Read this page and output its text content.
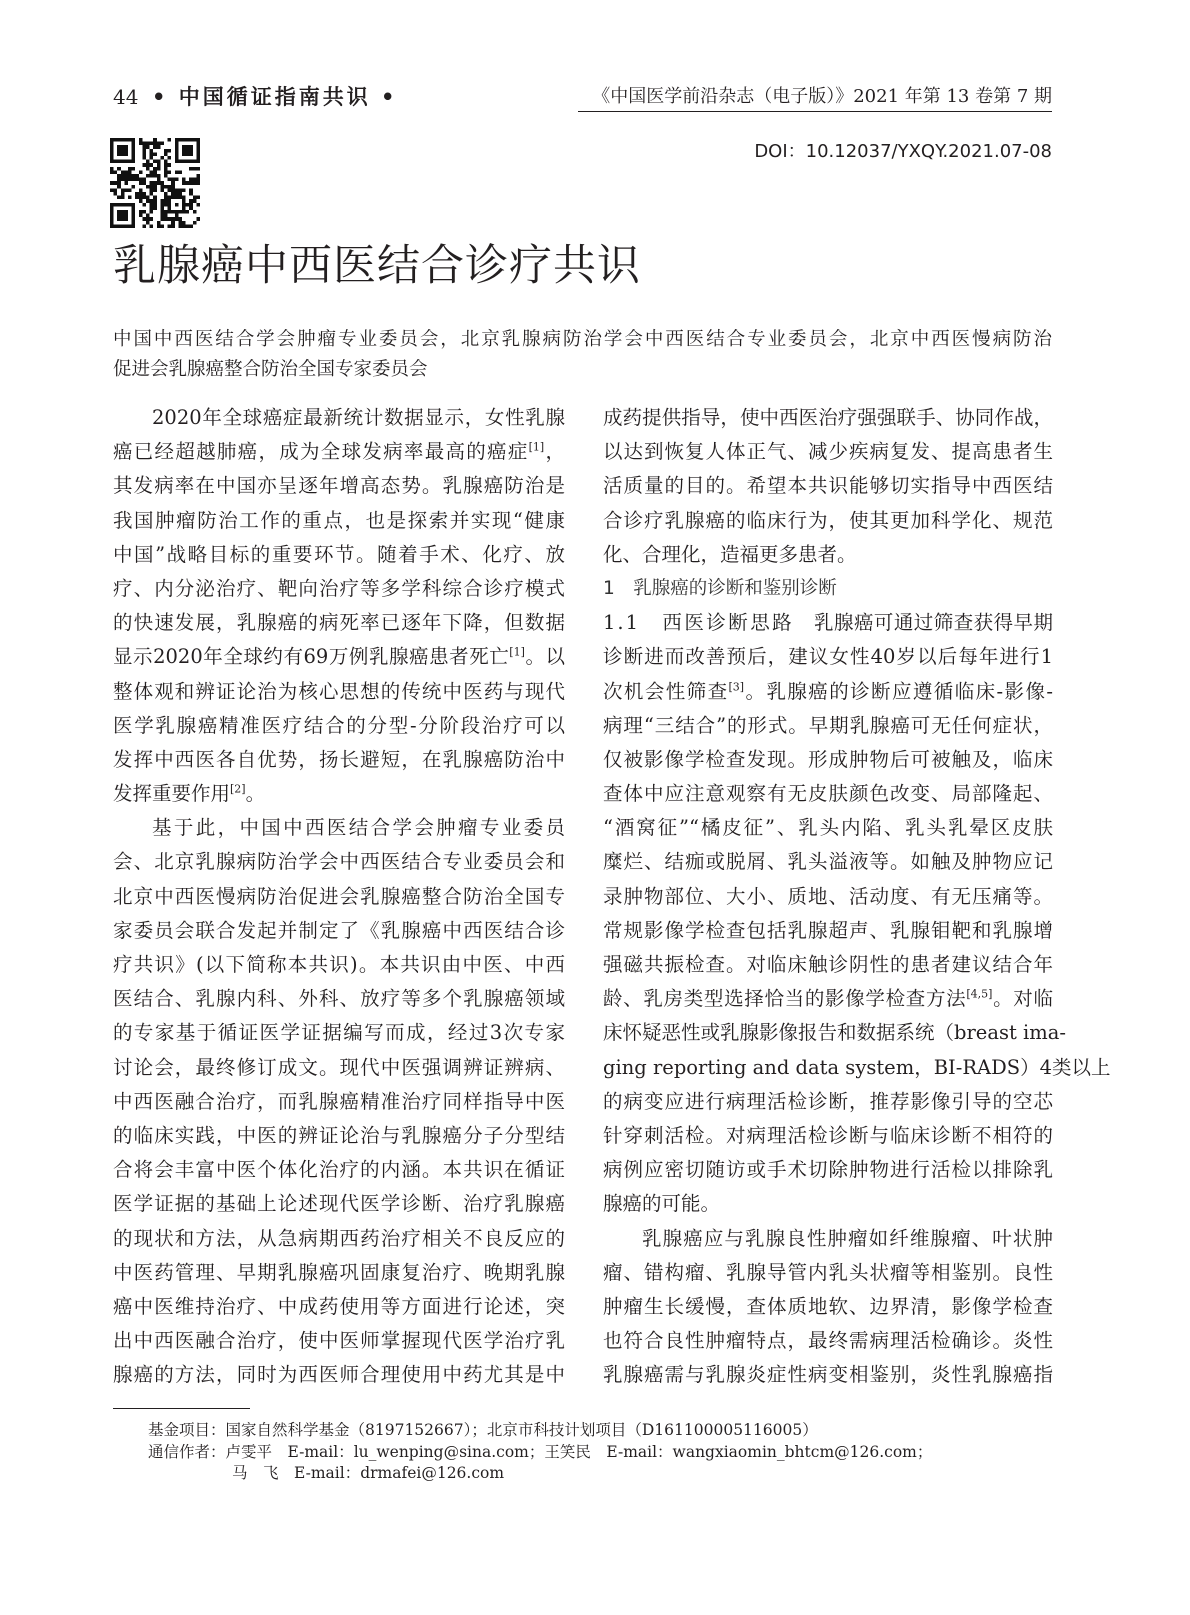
44 • 中国循证指南共识 •	《中国医学前沿杂志（电子版）》2021 年第 13 卷第 7 期
DOI：10.12037/YXQY.2021.07-08
乳腺癌中西医结合诊疗共识
中国中西医结合学会肿瘤专业委员会，北京乳腺病防治学会中西医结合专业委员会，北京中西医慢病防治
促进会乳腺癌整合防治全国专家委员会
2020年全球癌症最新统计数据显示，女性乳腺
癌已经超越肺癌，成为全球发病率最高的癌症[1]，
其发病率在中国亦呈逐年增高态势。乳腺癌防治是
我国肿瘤防治工作的重点，也是探索并实现“健康
中国”战略目标的重要环节。随着手术、化疗、放
疗、内分泌治疗、靶向治疗等多学科综合诊疗模式
的快速发展，乳腺癌的病死率已逐年下降，但数据
显示2020年全球约有69万例乳腺癌患者死亡[1]。以
整体观和辨证论治为核心思想的传统中医药与现代
医学乳腺癌精准医疗结合的分型-分阶段治疗可以
发挥中西医各自优势，扬长避短，在乳腺癌防治中
发挥重要作用[2]。
基于此，中国中西医结合学会肿瘤专业委员
会、北京乳腺病防治学会中西医结合专业委员会和
北京中西医慢病防治促进会乳腺癌整合防治全国专
家委员会联合发起并制定了《乳腺癌中西医结合诊
疗共识》(以下简称本共识)。本共识由中医、中西
医结合、乳腺内科、外科、放疗等多个乳腺癌领域
的专家基于循证医学证据编写而成，经过3次专家
讨论会，最终修订成文。现代中医强调辨证辨病、
中西医融合治疗，而乳腺癌精准治疗同样指导中医
的临床实践，中医的辨证论治与乳腺癌分子分型结
合将会丰富中医个体化治疗的内涵。本共识在循证
医学证据的基础上论述现代医学诊断、治疗乳腺癌
的现状和方法，从急病期西药治疗相关不良反应的
中医药管理、早期乳腺癌巩固康复治疗、晚期乳腺
癌中医维持治疗、中成药使用等方面进行论述，突
出中西医融合治疗，使中医师掌握现代医学治疗乳
腺癌的方法，同时为西医师合理使用中药尤其是中
成药提供指导，使中西医治疗强强联手、协同作战，
以达到恢复人体正气、减少疾病复发、提高患者生
活质量的目的。希望本共识能够切实指导中西医结
合诊疗乳腺癌的临床行为，使其更加科学化、规范
化、合理化，造福更多患者。
1　乳腺癌的诊断和鉴别诊断
1.1　西医诊断思路　乳腺癌可通过筛查获得早期
诊断进而改善预后，建议女性40岁以后每年进行1
次机会性筛查[3]。乳腺癌的诊断应遵循临床-影像-
病理“三结合”的形式。早期乳腺癌可无任何症状，
仅被影像学检查发现。形成肿物后可被触及，临床
查体中应注意观察有无皮肤颜色改变、局部隆起、
“酒窝征”“橘皮征”、乳头内陷、乳头乳晕区皮肤
糜烂、结痂或脱屑、乳头溢液等。如触及肿物应记
录肿物部位、大小、质地、活动度、有无压痛等。
常规影像学检查包括乳腺超声、乳腺钼靶和乳腺增
强磁共振检查。对临床触诊阴性的患者建议结合年
龄、乳房类型选择恰当的影像学检查方法[4,5]。对临
床怀疑恶性或乳腺影像报告和数据系统（breast ima-
ging reporting and data system，BI-RADS）4类以上
的病变应进行病理活检诊断，推荐影像引导的空芯
针穿刺活检。对病理活检诊断与临床诊断不相符的
病例应密切随访或手术切除肿物进行活检以排除乳
腺癌的可能。
乳腺癌应与乳腺良性肿瘤如纤维腺瘤、叶状肿
瘤、错构瘤、乳腺导管内乳头状瘤等相鉴别。良性
肿瘤生长缓慢，查体质地软、边界清，影像学检查
也符合良性肿瘤特点，最终需病理活检确诊。炎性
乳腺癌需与乳腺炎症性病变相鉴别，炎性乳腺癌指
基金项目：国家自然科学基金（8197152667）；北京市科技计划项目（D161100005116005）
通信作者：卢雯平　E-mail：lu_wenping@sina.com；王笑民　E-mail：wangxiaomin_bhtcm@126.com；
马　飞　E-mail：drmafei@126.com
